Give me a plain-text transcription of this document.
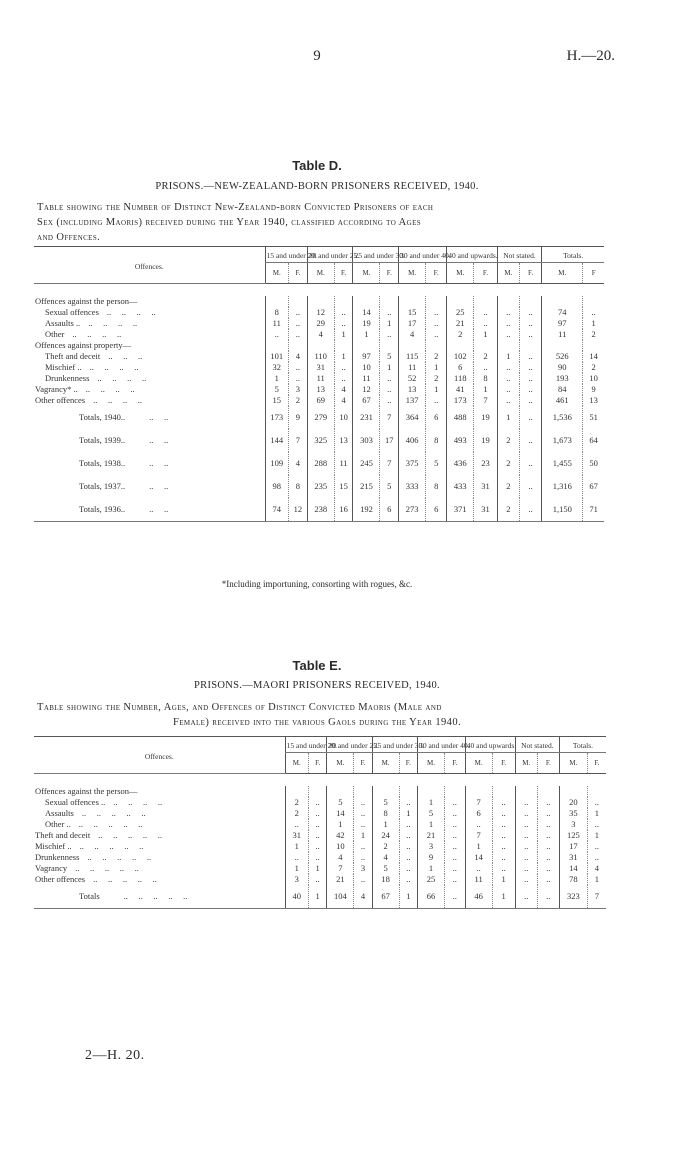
9	H.—20.
Table D.
PRISONS.—NEW-ZEALAND-BORN PRISONERS RECEIVED, 1940.
Table showing the Number of Distinct New-Zealand-born Convicted Prisoners of each
Sex (including Maoris) received during the Year 1940, classified according to Ages
and Offences.
Offences.	15 and under 20.		20 and under 25.		25 and under 30.		30 and under 40.		40 and upwards.		Not stated.		Totals.	
	M.	F.	M.	F.	M.	F.	M.	F.	M.	F.	M.	F.	M.	F

Offences against the person—														
Sexual offences ..     ..     ..     ..	8	..	12	..	14	..	15	..	25	..	..	..	74	..
Assaults .. ..     ..     ..     ..	11	..	29	..	19	1	17	..	21	..	..	..	97	1
Other ..     ..     ..     ..	..	..	4	1	1	..	4	..	2	1	..	..	11	2
Offences against property—														
Theft and deceit ..     ..     ..	101	4	110	1	97	5	115	2	102	2	1	..	526	14
Mischief .. ..     ..     ..     ..	32	..	31	..	10	1	11	1	6	..	..	..	90	2
Drunkenness ..     ..     ..     ..	1	..	11	..	11	..	52	2	118	8	..	..	193	10
Vagrancy* .. ..     ..     ..     ..	5	3	13	4	12	..	13	1	41	1	..	..	84	9
Other offences ..     ..     ..     ..	15	2	69	4	67	..	137	..	173	7	..	..	461	13
Totals, 1940.. ..     ..	173	9	279	10	231	7	364	6	488	19	1	..	1,536	51
Totals, 1939.. ..     ..	144	7	325	13	303	17	406	8	493	19	2	..	1,673	64
Totals, 1938.. ..     ..	109	4	288	11	245	7	375	5	436	23	2	..	1,455	50
Totals, 1937.. ..     ..	98	8	235	15	215	5	333	8	433	31	2	..	1,316	67
Totals, 1936.. ..     ..	74	12	238	16	192	6	273	6	371	31	2	..	1,150	71
*Including importuning, consorting with rogues, &c.
Table E.
PRISONS.—MAORI PRISONERS RECEIVED, 1940.
Table showing the Number, Ages, and Offences of Distinct Convicted Maoris (Male and
Female) received into the various Gaols during the Year 1940.
Offences.	15 and under 20.		20 and under 25.		25 and under 30.		30 and under 40.		40 and upwards.		Not stated.		Totals.	
	M.	F.	M.	F.	M.	F.	M.	F.	M.	F.	M.	F.	M.	F.

Offences against the person—														
Sexual offences .. ..     ..     ..     ..	2	..	5	..	5	..	1	..	7	..	..	..	20	..
Assaults ..     ..     ..     ..     ..	2	..	14	..	8	1	5	..	6	..	..	..	35	1
Other .. ..     ..     ..     ..     ..	..	..	1	..	1	..	1	..	..	..	..	..	3	..
Theft and deceit ..     ..     ..     ..     ..	31	..	42	1	24	..	21	..	7	..	..	..	125	1
Mischief .. ..     ..     ..     ..     ..	1	..	10	..	2	..	3	..	1	..	..	..	17	..
Drunkenness ..     ..     ..     ..     ..	..	..	4	..	4	..	9	..	14	..	..	..	31	..
Vagrancy ..     ..     ..     ..     ..	1	1	7	3	5	..	1	..	..	..	..	..	14	4
Other offences ..     ..     ..     ..     ..	3	..	21	..	18	..	25	..	11	1	..	..	78	1
Totals ..     ..     ..     ..     ..	40	1	104	4	67	1	66	..	46	1	..	..	323	7
2—H. 20.
